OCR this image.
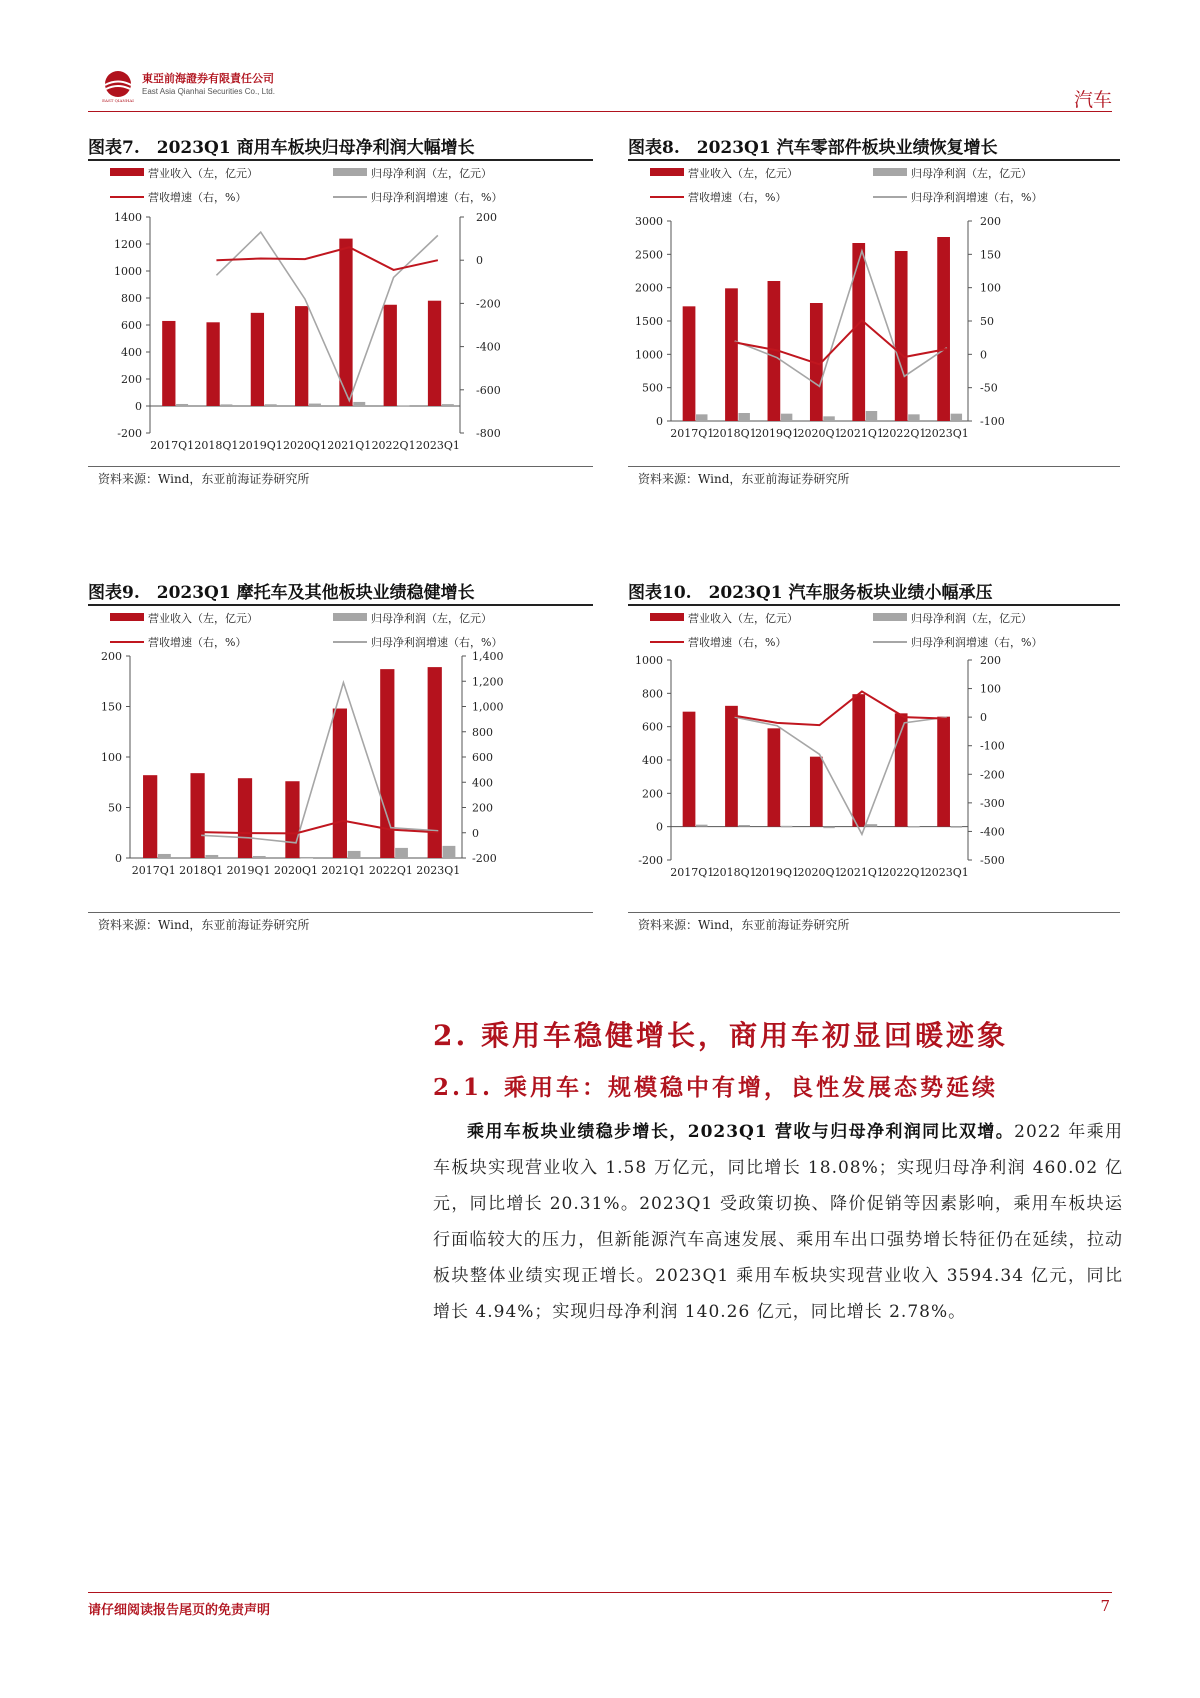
EAST QIANHAI
東亞前海證券有限責任公司
East Asia Qianhai Securities Co., Ltd.	汽车
图表7.　2023Q1 商用车板块归母净利润大幅增长
营业收入（左，亿元）	归母净利润（左，亿元）
营收增速（右，%）	归母净利润增速（右，%）
1400
1200
1000
800
600
400
200
0
-200
200
0
-200
-400
-600
-800
2017Q1 2018Q1 2019Q1 2020Q1 2021Q1 2022Q1 2023Q1
资料来源：Wind，东亚前海证券研究所
图表8.　2023Q1 汽车零部件板块业绩恢复增长
营业收入（左，亿元）	归母净利润（左，亿元）
营收增速（右，%）	归母净利润增速（右，%）
3000
2500
2000
1500
1000
500
0
200
150
100
50
0
-50
-100
2017Q1
2018Q1
2019Q1
2020Q1
2021Q1
2022Q1
2023Q1
资料来源：Wind，东亚前海证券研究所
图表9.　2023Q1 摩托车及其他板块业绩稳健增长
营业收入（左，亿元）	归母净利润（左，亿元）
营收增速（右，%）	归母净利润增速（右，%）
200
150
100
50
0
1,400
1,200
1,000
800
600
400
200
0
-200
2017Q1 2018Q1 2019Q1 2020Q1 2021Q1 2022Q1 2023Q1
资料来源：Wind，东亚前海证券研究所
图表10.　2023Q1 汽车服务板块业绩小幅承压
营业收入（左，亿元）	归母净利润（左，亿元）
营收增速（右，%）	归母净利润增速（右，%）
1000
800
600
400
200
0
-200
200
100
0
-100
-200
-300
-400
-500
2017Q1
2018Q1
2019Q1
2020Q1
2021Q1
2022Q1
2023Q1
资料来源：Wind，东亚前海证券研究所
2. 乘用车稳健增长，商用车初显回暖迹象
2.1. 乘用车：规模稳中有增，良性发展态势延续
乘用车板块业绩稳步增长，2023Q1 营收与归母净利润同比双增。2022 年乘用车板块实现营业收入 1.58 万亿元，同比增长 18.08%；实现归母净利润 460.02 亿元，同比增长 20.31%。2023Q1 受政策切换、降价促销等因素影响，乘用车板块运行面临较大的压力，但新能源汽车高速发展、乘用车出口强势增长特征仍在延续，拉动板块整体业绩实现正增长。2023Q1 乘用车板块实现营业收入 3594.34 亿元，同比增长 4.94%；实现归母净利润 140.26 亿元，同比增长 2.78%。
请仔细阅读报告尾页的免责声明	7
